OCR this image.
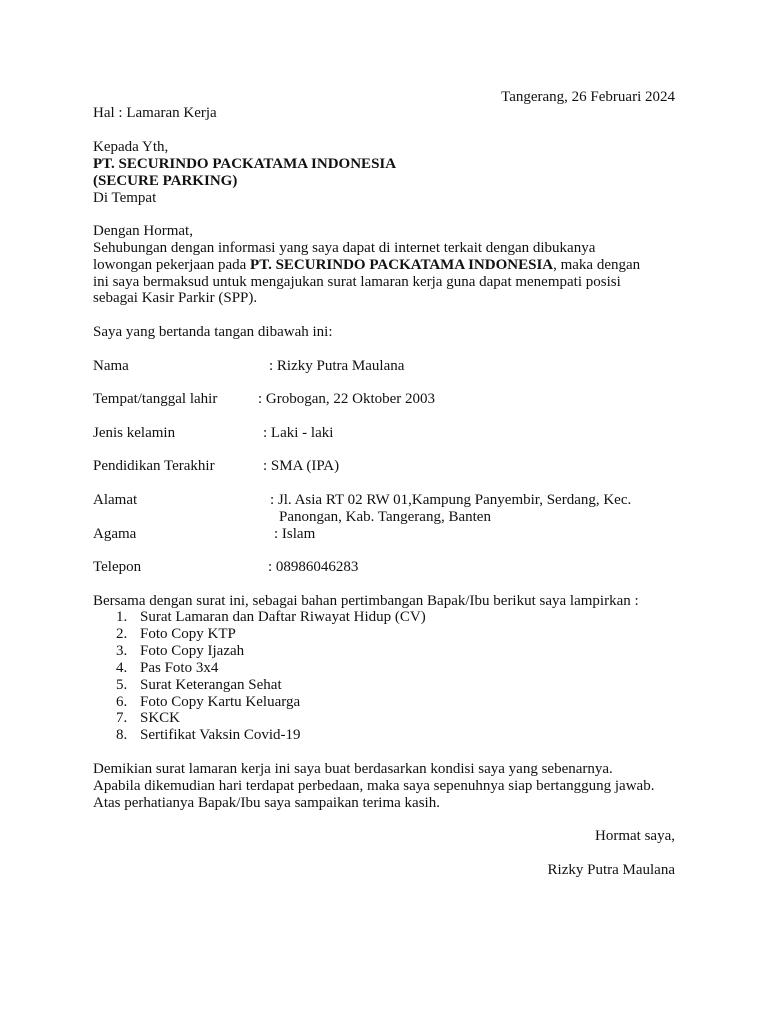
Tangerang, 26 Februari 2024
Hal : Lamaran Kerja
Kepada Yth,
PT. SECURINDO PACKATAMA INDONESIA
(SECURE PARKING)
Di Tempat
Dengan Hormat,
Sehubungan dengan informasi yang saya dapat di internet terkait dengan dibukanya
lowongan pekerjaan pada PT. SECURINDO PACKATAMA INDONESIA, maka dengan
ini saya bermaksud untuk mengajukan surat lamaran kerja guna dapat menempati posisi
sebagai Kasir Parkir (SPP).
Saya yang bertanda tangan dibawah ini:
Nama	: Rizky Putra Maulana
Tempat/tanggal lahir	: Grobogan, 22 Oktober 2003
Jenis kelamin	: Laki - laki
Pendidikan Terakhir	: SMA (IPA)
Alamat	: Jl. Asia RT 02 RW 01,Kampung Panyembir, Serdang, Kec.
Panongan, Kab. Tangerang, Banten
Agama	: Islam
Telepon	: 08986046283
Bersama dengan surat ini, sebagai bahan pertimbangan Bapak/Ibu berikut saya lampirkan :
1. Surat Lamaran dan Daftar Riwayat Hidup (CV)
2. Foto Copy KTP
3. Foto Copy Ijazah
4. Pas Foto 3x4
5. Surat Keterangan Sehat
6. Foto Copy Kartu Keluarga
7. SKCK
8. Sertifikat Vaksin Covid-19
Demikian surat lamaran kerja ini saya buat berdasarkan kondisi saya yang sebenarnya.
Apabila dikemudian hari terdapat perbedaan, maka saya sepenuhnya siap bertanggung jawab.
Atas perhatianya Bapak/Ibu saya sampaikan terima kasih.
Hormat saya,
Rizky Putra Maulana
